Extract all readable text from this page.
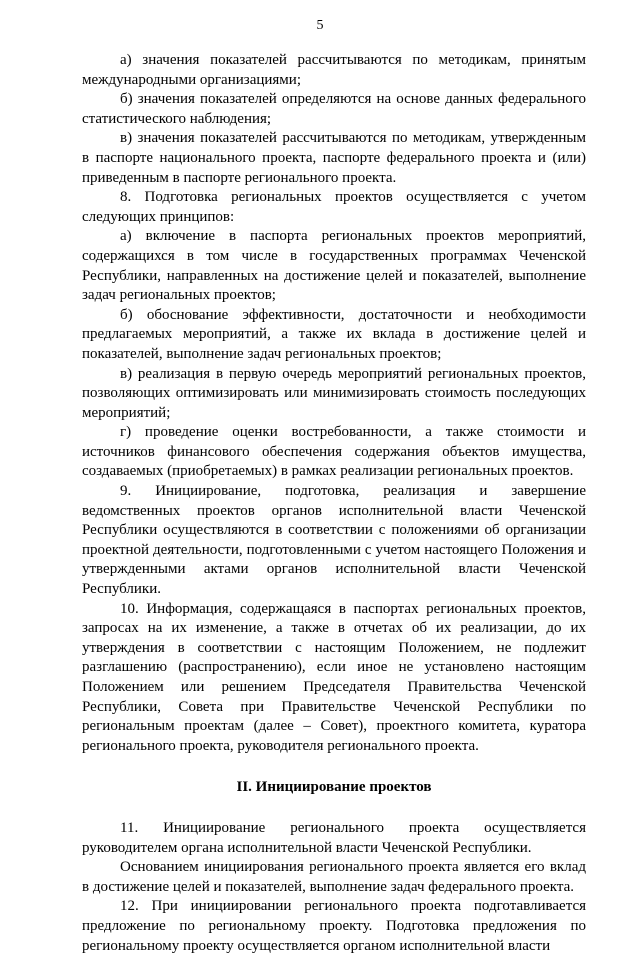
5

а) значения показателей рассчитываются по методикам, принятым международными организациями;

б) значения показателей определяются на основе данных федерального статистического наблюдения;

в) значения показателей рассчитываются по методикам, утвержденным в паспорте национального проекта, паспорте федерального проекта и (или) приведенным в паспорте регионального проекта.

8. Подготовка региональных проектов осуществляется с учетом следующих принципов:

а) включение в паспорта региональных проектов мероприятий, содержащихся в том числе в государственных программах Чеченской Республики, направленных на достижение целей и показателей, выполнение задач региональных проектов;

б) обоснование эффективности, достаточности и необходимости предлагаемых мероприятий, а также их вклада в достижение целей и показателей, выполнение задач региональных проектов;

в) реализация в первую очередь мероприятий региональных проектов, позволяющих оптимизировать или минимизировать стоимость последующих мероприятий;

г) проведение оценки востребованности, а также стоимости и источников финансового обеспечения содержания объектов имущества, создаваемых (приобретаемых) в рамках реализации региональных проектов.

9. Инициирование, подготовка, реализация и завершение ведомственных проектов органов исполнительной власти Чеченской Республики осуществляются в соответствии с положениями об организации проектной деятельности, подготовленными с учетом настоящего Положения и утвержденными актами органов исполнительной власти Чеченской Республики.

10. Информация, содержащаяся в паспортах региональных проектов, запросах на их изменение, а также в отчетах об их реализации, до их утверждения в соответствии с настоящим Положением, не подлежит разглашению (распространению), если иное не установлено настоящим Положением или решением Председателя Правительства Чеченской Республики, Совета при Правительстве Чеченской Республики по региональным проектам (далее – Совет), проектного комитета, куратора регионального проекта, руководителя регионального проекта.

II. Инициирование проектов

11. Инициирование регионального проекта осуществляется руководителем органа исполнительной власти Чеченской Республики.

Основанием инициирования регионального проекта является его вклад в достижение целей и показателей, выполнение задач федерального проекта.

12. При инициировании регионального проекта подготавливается предложение по региональному проекту. Подготовка предложения по региональному проекту осуществляется органом исполнительной власти
